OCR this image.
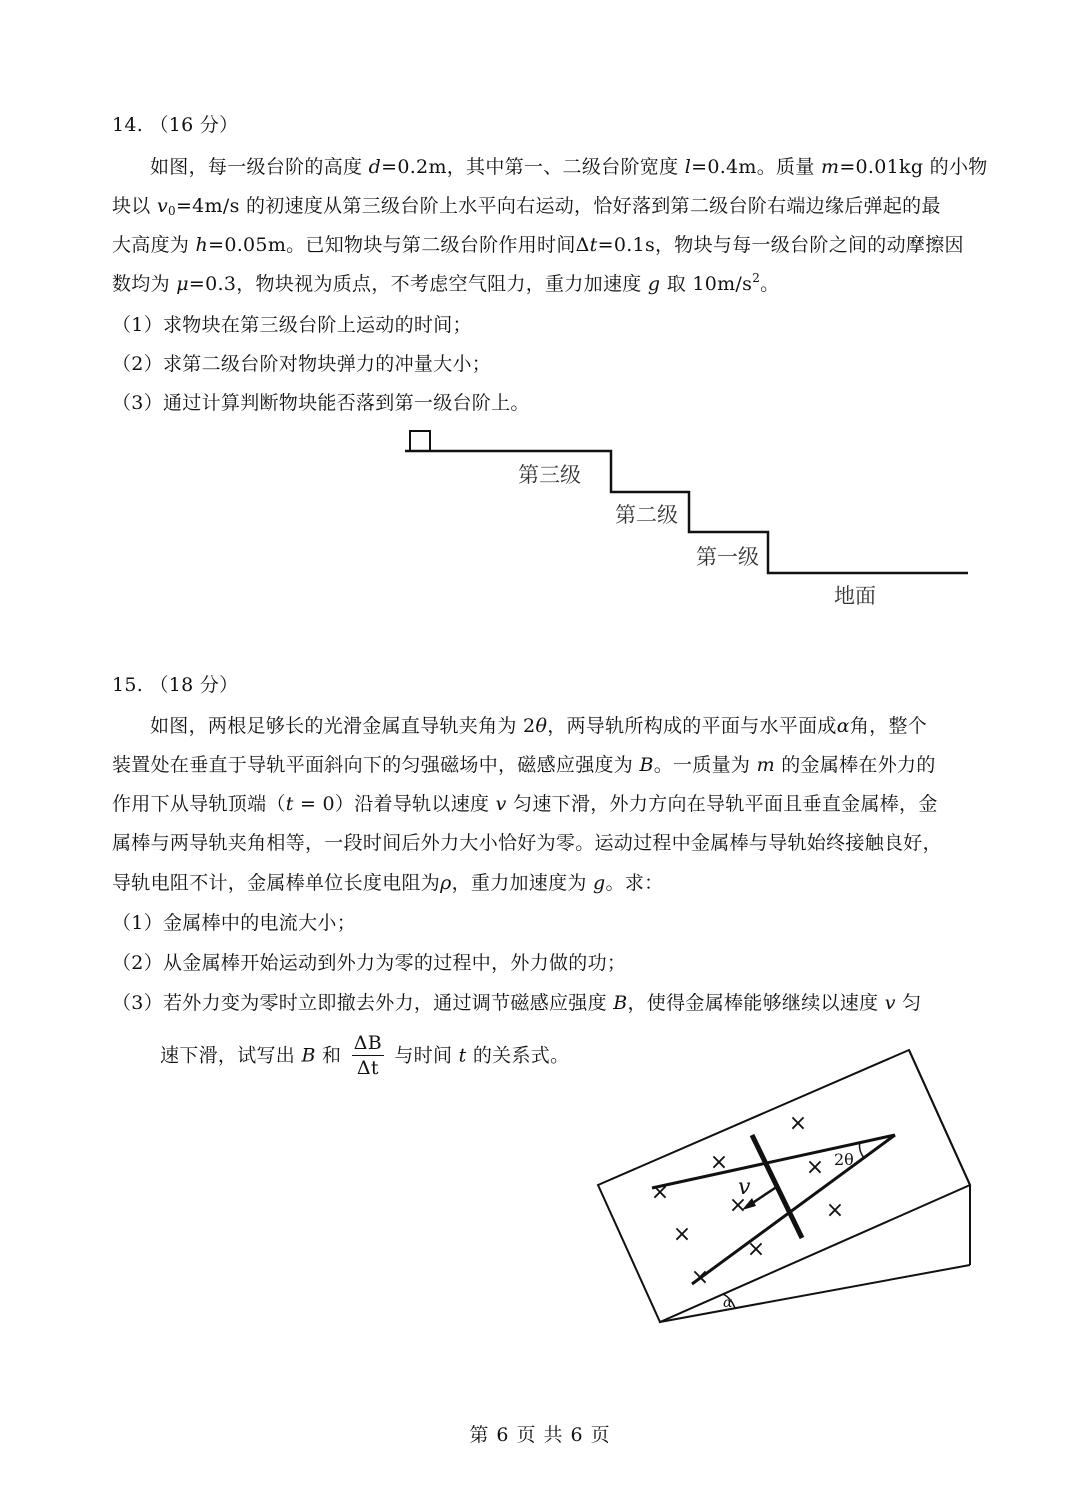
14. （16 分）
如图，每一级台阶的高度 d=0.2m，其中第一、二级台阶宽度 l=0.4m。质量 m=0.01kg 的小物
块以 $v_0=4m/s$ 的初速度从第三级台阶上水平向右运动，恰好落到第二级台阶右端边缘后弹起的最
大高度为 h=0.05m。已知物块与第二级台阶作用时间Δt=0.1s，物块与每一级台阶之间的动摩擦因
数均为 μ=0.3，物块视为质点，不考虑空气阻力，重力加速度 g 取 $10m/s^2$。
（1）求物块在第三级台阶上运动的时间；
（2）求第二级台阶对物块弹力的冲量大小；
（3）通过计算判断物块能否落到第一级台阶上。
第三级
第二级
第一级
地面
15. （18 分）
如图，两根足够长的光滑金属直导轨夹角为 2θ，两导轨所构成的平面与水平面成α角，整个
装置处在垂直于导轨平面斜向下的匀强磁场中，磁感应强度为 B。一质量为 m 的金属棒在外力的
作用下从导轨顶端（t = 0）沿着导轨以速度 v 匀速下滑，外力方向在导轨平面且垂直金属棒，金
属棒与两导轨夹角相等，一段时间后外力大小恰好为零。运动过程中金属棒与导轨始终接触良好，
导轨电阻不计，金属棒单位长度电阻为ρ，重力加速度为 g。求：
（1）金属棒中的电流大小；
（2）从金属棒开始运动到外力为零的过程中，外力做的功；
（3）若外力变为零时立即撤去外力，通过调节磁感应强度 B，使得金属棒能够继续以速度 v 匀
速下滑，试写出 B 和 $\frac{\Delta B}{\Delta t}$ 与时间 t 的关系式。
v
2θ
α
×
×	×
×
×	×
×
×
×
第 6 页 共 6 页
